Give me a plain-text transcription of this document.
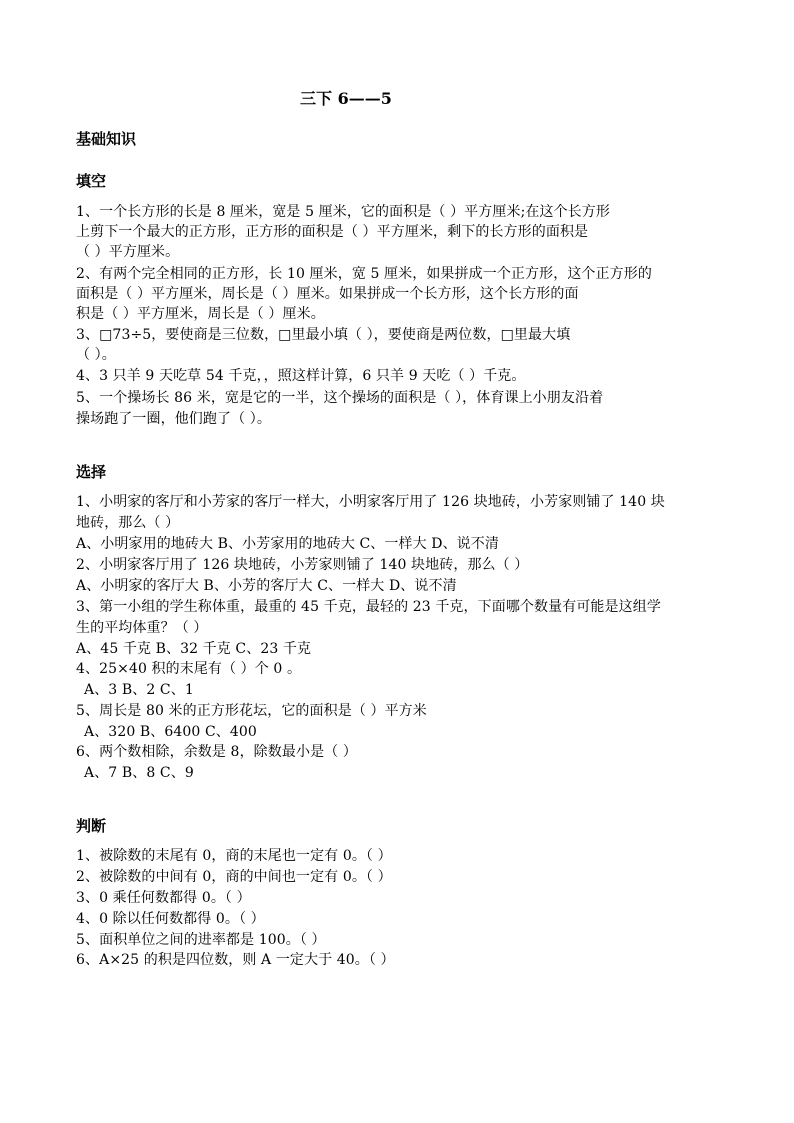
三下 6——5
基础知识
填空
1、一个长方形的长是 8 厘米，宽是 5 厘米，它的面积是（ ）平方厘米;在这个长方形
上剪下一个最大的正方形，正方形的面积是（ ）平方厘米，剩下的长方形的面积是
（ ）平方厘米。
2、有两个完全相同的正方形，长 10 厘米，宽 5 厘米，如果拼成一个正方形，这个正方形的
面积是（ ）平方厘米，周长是（ ）厘米。如果拼成一个长方形，这个长方形的面
积是（ ）平方厘米，周长是（ ）厘米。
3、□73÷5，要使商是三位数，□里最小填（ ），要使商是两位数，□里最大填
（ ）。
4、3 只羊 9 天吃草 54 千克，，照这样计算，6 只羊 9 天吃（ ）千克。
5、一个操场长 86 米，宽是它的一半，这个操场的面积是（ ），体育课上小朋友沿着
操场跑了一圈，他们跑了（ ）。
选择
1、小明家的客厅和小芳家的客厅一样大，小明家客厅用了 126 块地砖，小芳家则铺了 140 块
地砖，那么（ ）
A、小明家用的地砖大 B、小芳家用的地砖大 C、一样大 D、说不清
2、小明家客厅用了 126 块地砖，小芳家则铺了 140 块地砖，那么（ ）
A、小明家的客厅大 B、小芳的客厅大 C、一样大 D、说不清
3、第一小组的学生称体重，最重的 45 千克，最轻的 23 千克，下面哪个数量有可能是这组学
生的平均体重？（ ）
A、45 千克 B、32 千克 C、23 千克
4、25×40 积的末尾有（ ）个 0 。
A、3 B、2 C、1
5、周长是 80 米的正方形花坛，它的面积是（ ）平方米
A、320 B、6400 C、400
6、两个数相除，余数是 8，除数最小是（ ）
A、7 B、8 C、9
判断
1、被除数的末尾有 0，商的末尾也一定有 0。（ ）
2、被除数的中间有 0，商的中间也一定有 0。（ ）
3、0 乘任何数都得 0。（ ）
4、0 除以任何数都得 0。（ ）
5、面积单位之间的进率都是 100。（ ）
6、A×25 的积是四位数，则 A 一定大于 40。（ ）
